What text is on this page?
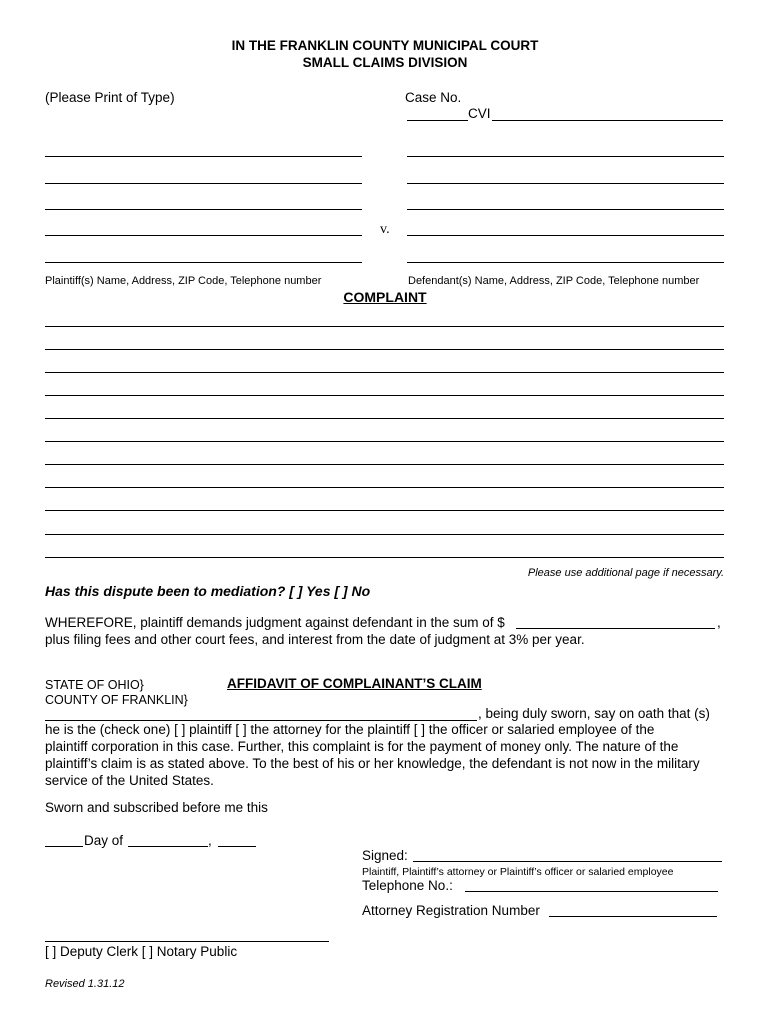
IN THE FRANKLIN COUNTY MUNICIPAL COURT
SMALL CLAIMS DIVISION
(Please Print of Type)	Case No.
CVI
v.
Plaintiff(s) Name, Address, ZIP Code, Telephone number	Defendant(s) Name, Address, ZIP Code, Telephone number
COMPLAINT
Please use additional page if necessary.
Has this dispute been to mediation? [ ] Yes [ ] No
WHEREFORE, plaintiff demands judgment against defendant in the sum of $	,
plus filing fees and other court fees, and interest from the date of judgment at 3% per year.
STATE OF OHIO}
COUNTY OF FRANKLIN}
AFFIDAVIT OF COMPLAINANT’S CLAIM
, being duly sworn, say on oath that (s)
he is the (check one) [ ] plaintiff [ ] the attorney for the plaintiff [ ] the officer or salaried employee of the
plaintiff corporation in this case. Further, this complaint is for the payment of money only. The nature of the
plaintiff’s claim is as stated above. To the best of his or her knowledge, the defendant is not now in the military
service of the United States.
Sworn and subscribed before me this
Day of	,
Signed:
Plaintiff, Plaintiff’s attorney or Plaintiff’s officer or salaried employee
Telephone No.:
Attorney Registration Number
[ ] Deputy Clerk [ ] Notary Public
Revised 1.31.12
